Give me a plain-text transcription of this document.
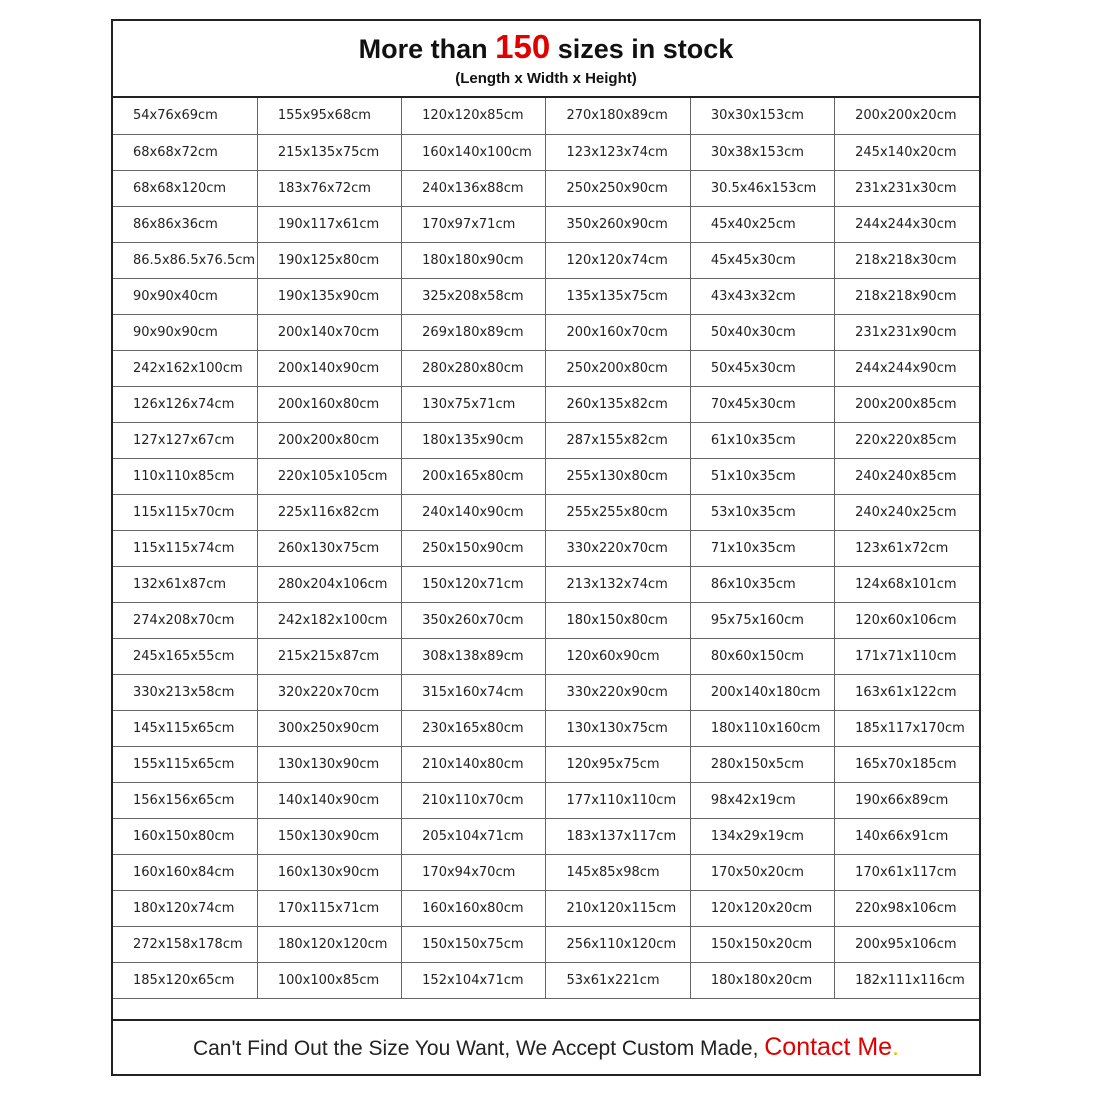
More than 150 sizes in stock
(Length x Width x Height)
54x76x69cm	155x95x68cm	120x120x85cm	270x180x89cm	30x30x153cm	200x200x20cm
68x68x72cm	215x135x75cm	160x140x100cm	123x123x74cm	30x38x153cm	245x140x20cm
68x68x120cm	183x76x72cm	240x136x88cm	250x250x90cm	30.5x46x153cm	231x231x30cm
86x86x36cm	190x117x61cm	170x97x71cm	350x260x90cm	45x40x25cm	244x244x30cm
86.5x86.5x76.5cm	190x125x80cm	180x180x90cm	120x120x74cm	45x45x30cm	218x218x30cm
90x90x40cm	190x135x90cm	325x208x58cm	135x135x75cm	43x43x32cm	218x218x90cm
90x90x90cm	200x140x70cm	269x180x89cm	200x160x70cm	50x40x30cm	231x231x90cm
242x162x100cm	200x140x90cm	280x280x80cm	250x200x80cm	50x45x30cm	244x244x90cm
126x126x74cm	200x160x80cm	130x75x71cm	260x135x82cm	70x45x30cm	200x200x85cm
127x127x67cm	200x200x80cm	180x135x90cm	287x155x82cm	61x10x35cm	220x220x85cm
110x110x85cm	220x105x105cm	200x165x80cm	255x130x80cm	51x10x35cm	240x240x85cm
115x115x70cm	225x116x82cm	240x140x90cm	255x255x80cm	53x10x35cm	240x240x25cm
115x115x74cm	260x130x75cm	250x150x90cm	330x220x70cm	71x10x35cm	123x61x72cm
132x61x87cm	280x204x106cm	150x120x71cm	213x132x74cm	86x10x35cm	124x68x101cm
274x208x70cm	242x182x100cm	350x260x70cm	180x150x80cm	95x75x160cm	120x60x106cm
245x165x55cm	215x215x87cm	308x138x89cm	120x60x90cm	80x60x150cm	171x71x110cm
330x213x58cm	320x220x70cm	315x160x74cm	330x220x90cm	200x140x180cm	163x61x122cm
145x115x65cm	300x250x90cm	230x165x80cm	130x130x75cm	180x110x160cm	185x117x170cm
155x115x65cm	130x130x90cm	210x140x80cm	120x95x75cm	280x150x5cm	165x70x185cm
156x156x65cm	140x140x90cm	210x110x70cm	177x110x110cm	98x42x19cm	190x66x89cm
160x150x80cm	150x130x90cm	205x104x71cm	183x137x117cm	134x29x19cm	140x66x91cm
160x160x84cm	160x130x90cm	170x94x70cm	145x85x98cm	170x50x20cm	170x61x117cm
180x120x74cm	170x115x71cm	160x160x80cm	210x120x115cm	120x120x20cm	220x98x106cm
272x158x178cm	180x120x120cm	150x150x75cm	256x110x120cm	150x150x20cm	200x95x106cm
185x120x65cm	100x100x85cm	152x104x71cm	53x61x221cm	180x180x20cm	182x111x116cm
Can't Find Out the Size You Want, We Accept Custom Made, Contact Me.
